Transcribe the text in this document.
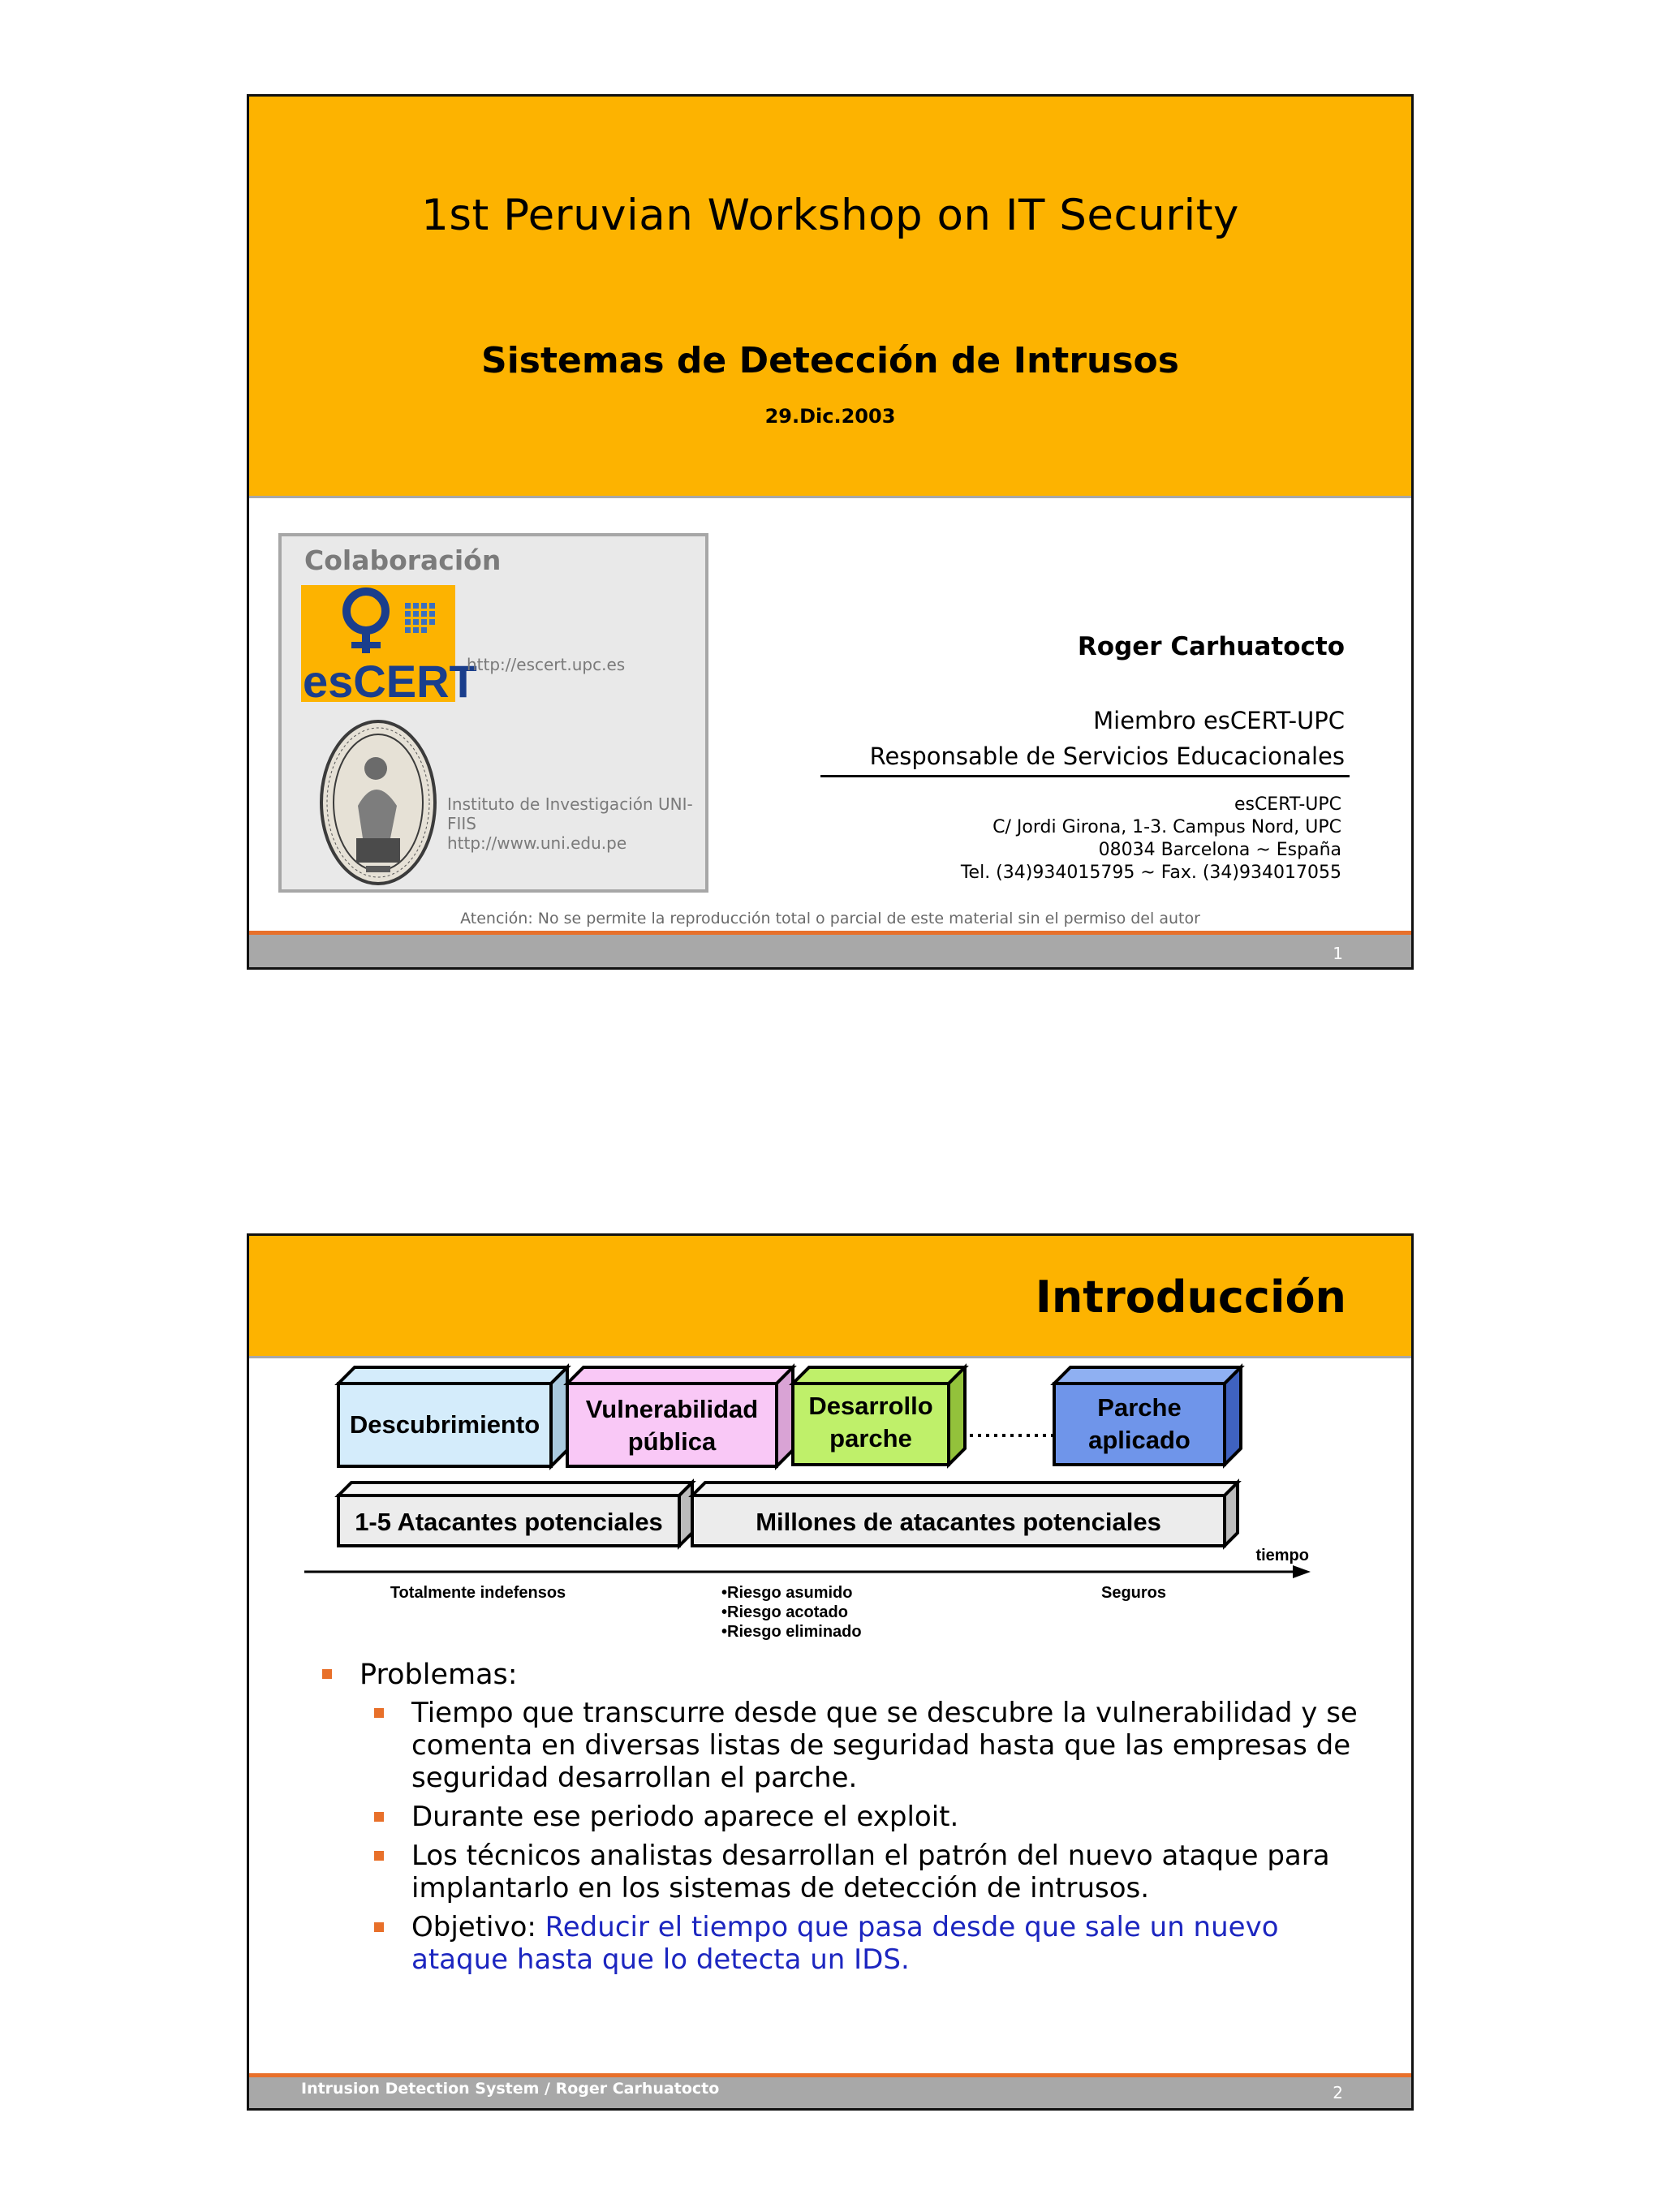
1st Peruvian Workshop on IT Security
Sistemas de Detección de Intrusos
29.Dic.2003
Colaboración
esCERT
http://escert.upc.es
Instituto de Investigación UNI-FIIS
http://www.uni.edu.pe
Roger Carhuatocto
Miembro esCERT-UPC
Responsable de Servicios Educacionales
esCERT-UPC
C/ Jordi Girona, 1-3. Campus Nord, UPC
08034 Barcelona ~ España
Tel. (34)934015795 ~ Fax. (34)934017055
Atención: No se permite la reproducción total o parcial de este material sin el permiso del autor
1
Introducción
Descubrimiento
Vulnerabilidad
pública
Desarrollo
parche
Parche
aplicado
1-5 Atacantes potenciales	Millones de atacantes potenciales
tiempo
Totalmente indefensos	•Riesgo asumido
•Riesgo acotado
•Riesgo eliminado
Seguros
Problemas:
Tiempo que transcurre desde que se descubre la vulnerabilidad y se comenta en diversas listas de seguridad hasta que las empresas de seguridad desarrollan el parche.
Durante ese periodo aparece el exploit.
Los técnicos analistas desarrollan el patrón del nuevo ataque para implantarlo en los sistemas de detección de intrusos.
Objetivo: Reducir el tiempo que pasa desde que sale un nuevo ataque hasta que lo detecta un IDS.
Intrusion Detection System / Roger Carhuatocto	2
